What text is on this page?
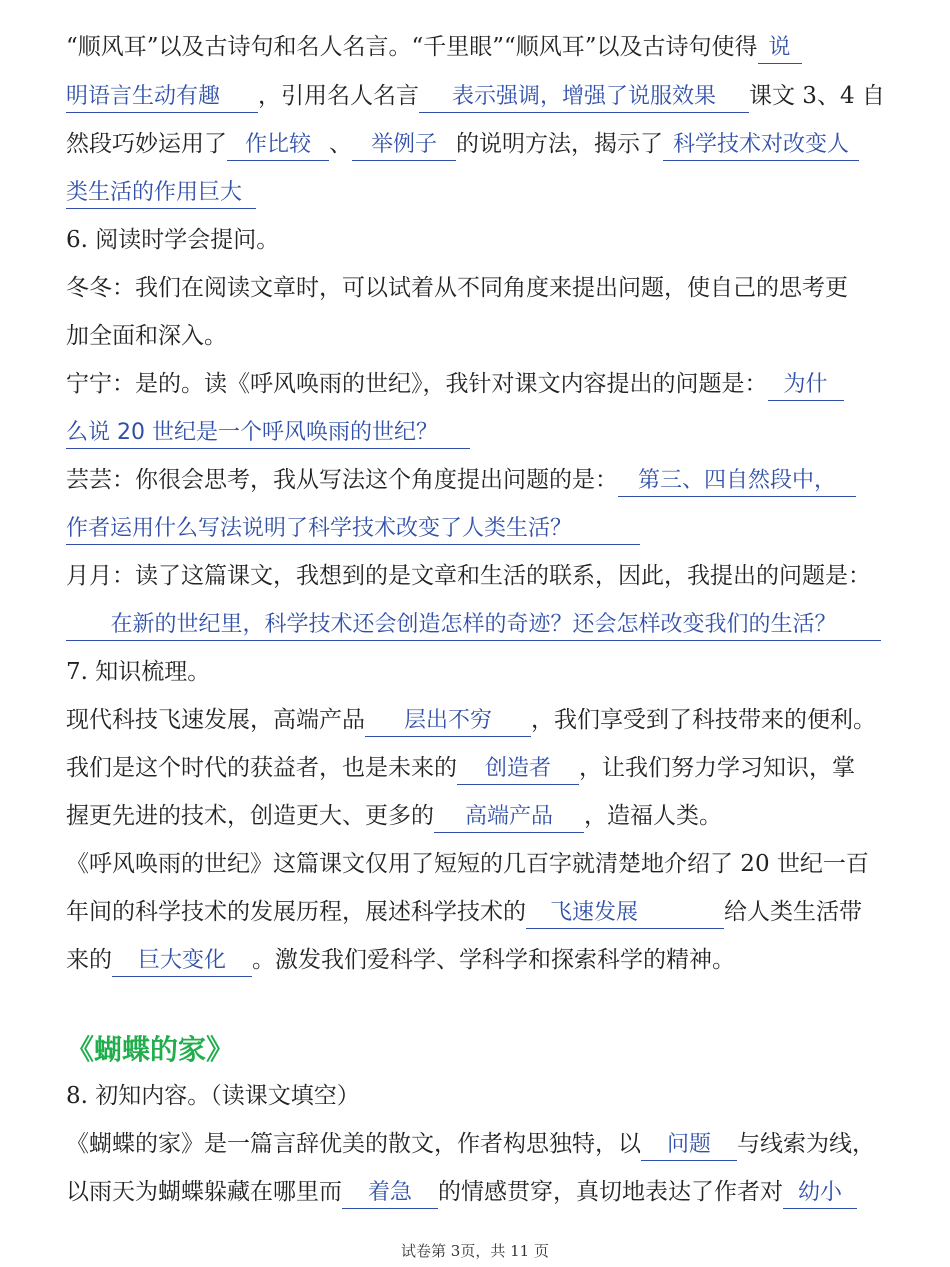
“顺风耳”以及古诗句和名人名言。“千里眼”“顺风耳”以及古诗句使得 说
明语言生动有趣 ，引用名人名言 表示强调，增强了说服效果 课文 3、4 自
然段巧妙运用了 作比较 、 举例子 的说明方法，揭示了 科学技术对改变人
类生活的作用巨大
6. 阅读时学会提问。
冬冬：我们在阅读文章时，可以试着从不同角度来提出问题，使自己的思考更
加全面和深入。
宁宁：是的。读《呼风唤雨的世纪》，我针对课文内容提出的问题是： 为什
么说 20 世纪是一个呼风唤雨的世纪？
芸芸：你很会思考，我从写法这个角度提出问题的是： 第三、四自然段中，
作者运用什么写法说明了科学技术改变了人类生活？
月月：读了这篇课文，我想到的是文章和生活的联系，因此，我提出的问题是：
在新的世纪里，科学技术还会创造怎样的奇迹？还会怎样改变我们的生活？
7. 知识梳理。
现代科技飞速发展，高端产品 层出不穷 ，我们享受到了科技带来的便利。
我们是这个时代的获益者，也是未来的 创造者 ，让我们努力学习知识，掌
握更先进的技术，创造更大、更多的 高端产品 ，造福人类。
《呼风唤雨的世纪》这篇课文仅用了短短的几百字就清楚地介绍了 20 世纪一百
年间的科学技术的发展历程，展述科学技术的 飞速发展	给人类生活带
来的 巨大变化 。激发我们爱科学、学科学和探索科学的精神。
《蝴蝶的家》
8. 初知内容。（读课文填空）
《蝴蝶的家》是一篇言辞优美的散文，作者构思独特，以 问题 与线索为线，
以雨天为蝴蝶躲藏在哪里而 着急 的情感贯穿，真切地表达了作者对 幼小
试卷第 3页，共 11 页
